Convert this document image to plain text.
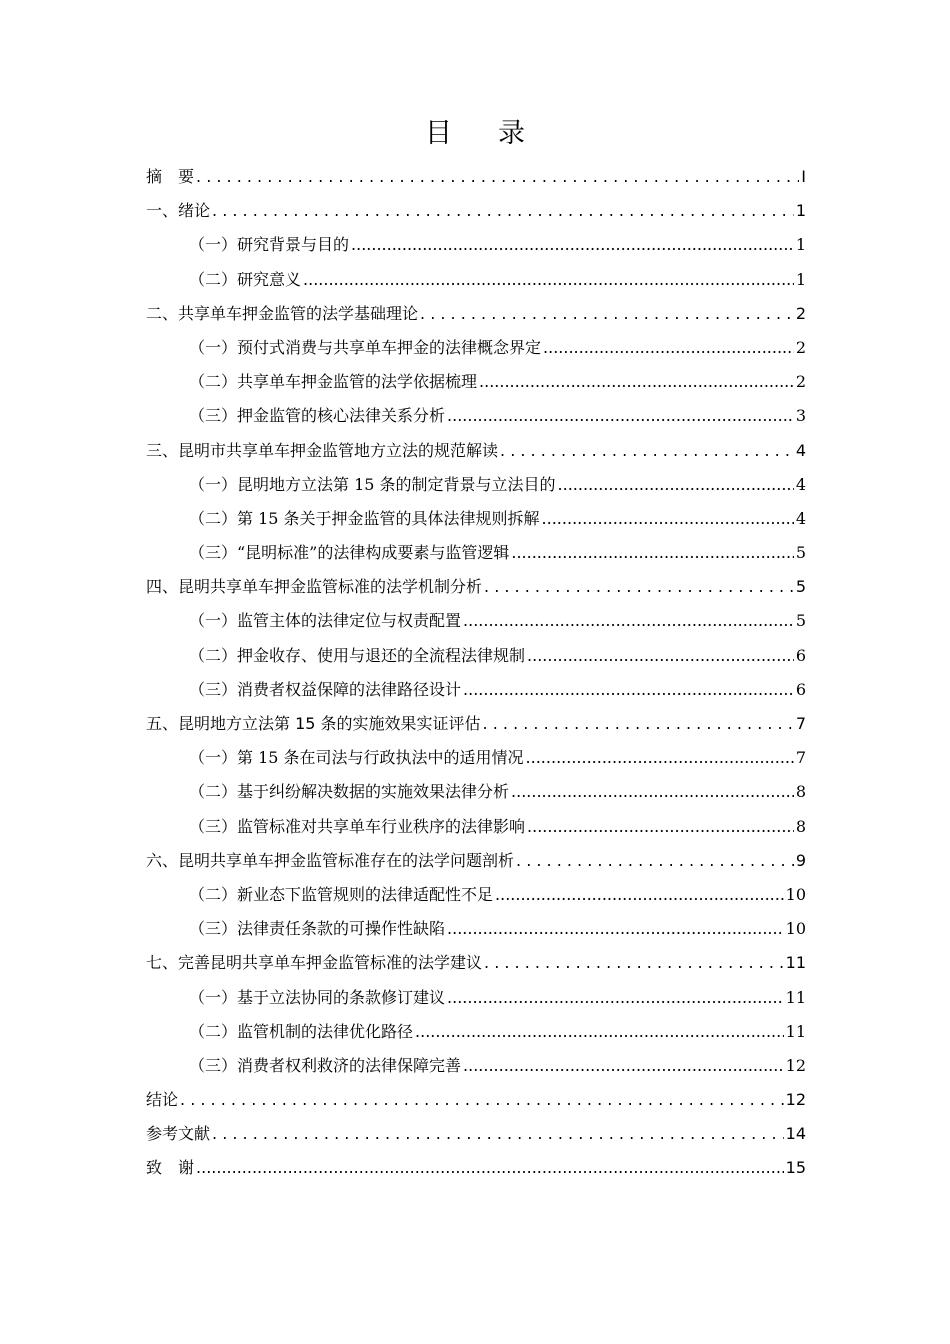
目录
摘　要 . . .	I
一、绪论 . . .	1
（一）研究背景与目的 .....	1
（二）研究意义 .....	1
二、共享单车押金监管的法学基础理论 . . .	2
（一）预付式消费与共享单车押金的法律概念界定 .....	2
（二）共享单车押金监管的法学依据梳理 .....	2
（三）押金监管的核心法律关系分析 .....	3
三、昆明市共享单车押金监管地方立法的规范解读 . . .	4
（一）昆明地方立法第 15 条的制定背景与立法目的 .....	4
（二）第 15 条关于押金监管的具体法律规则拆解 .....	4
（三）“昆明标准”的法律构成要素与监管逻辑 .....	5
四、昆明共享单车押金监管标准的法学机制分析 . . .	5
（一）监管主体的法律定位与权责配置 .....	5
（二）押金收存、使用与退还的全流程法律规制 .....	6
（三）消费者权益保障的法律路径设计 .....	6
五、昆明地方立法第 15 条的实施效果实证评估 . . .	7
（一）第 15 条在司法与行政执法中的适用情况 .....	7
（二）基于纠纷解决数据的实施效果法律分析 .....	8
（三）监管标准对共享单车行业秩序的法律影响 .....	8
六、昆明共享单车押金监管标准存在的法学问题剖析 . . .	9
（二）新业态下监管规则的法律适配性不足 .....	10
（三）法律责任条款的可操作性缺陷 .....	10
七、完善昆明共享单车押金监管标准的法学建议 . . .	11
（一）基于立法协同的条款修订建议 .....	11
（二）监管机制的法律优化路径 .....	11
（三）消费者权利救济的法律保障完善 .....	12
结论 . . .	12
参考文献 . . .	14
致　谢 .....	15
